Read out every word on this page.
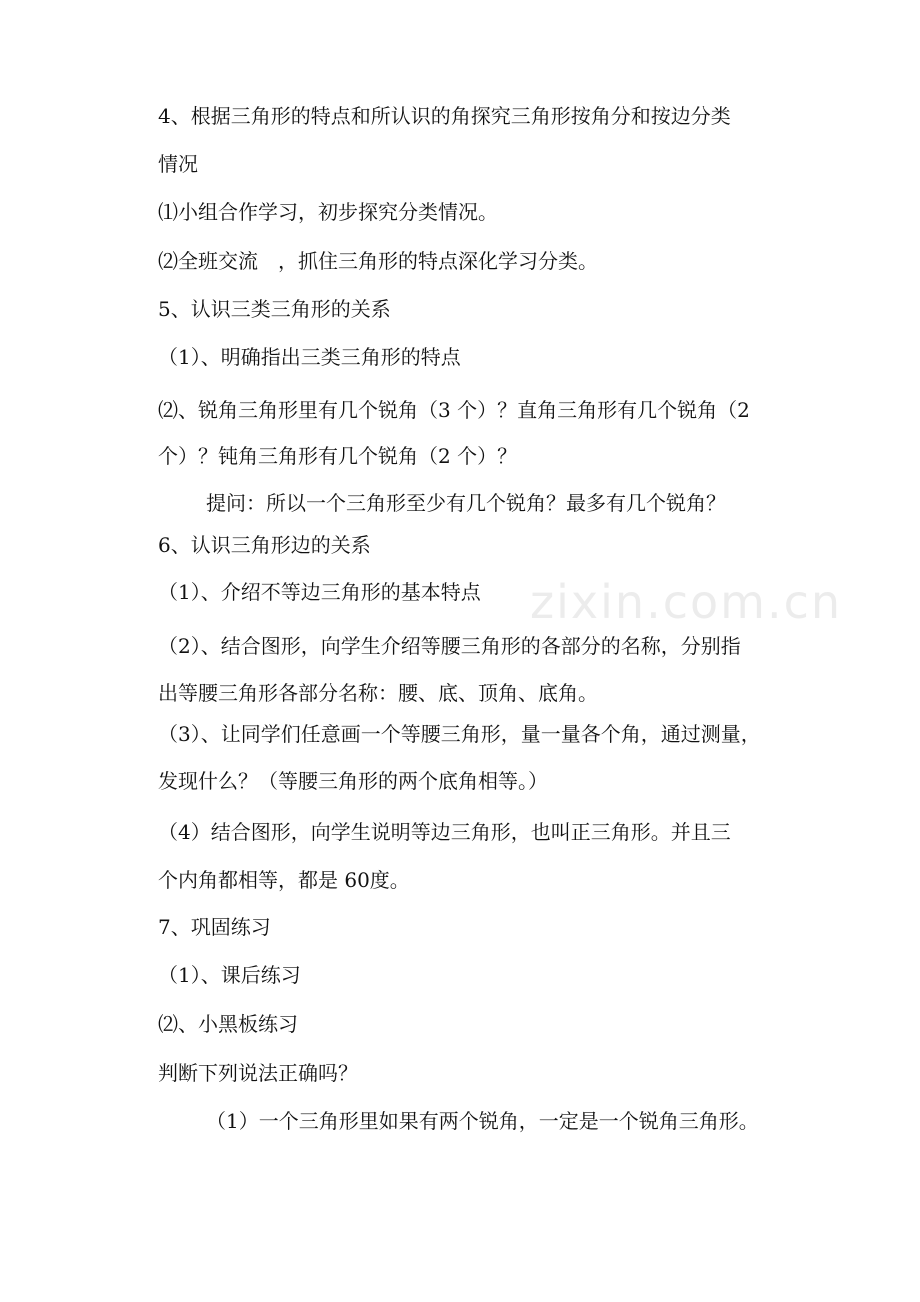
4、根据三角形的特点和所认识的角探究三角形按角分和按边分类
情况
⑴小组合作学习，初步探究分类情况。
⑵全班交流　，抓住三角形的特点深化学习分类。
5、认识三类三角形的关系
（1）、明确指出三类三角形的特点
⑵、锐角三角形里有几个锐角（3 个）？直角三角形有几个锐角（2
个）？钝角三角形有几个锐角（2 个）？
提问：所以一个三角形至少有几个锐角？最多有几个锐角？
6、认识三角形边的关系
（1）、介绍不等边三角形的基本特点
（2）、结合图形，向学生介绍等腰三角形的各部分的名称，分别指
出等腰三角形各部分名称：腰、底、顶角、底角。
（3）、让同学们任意画一个等腰三角形，量一量各个角，通过测量，
发现什么？（等腰三角形的两个底角相等。）
（4）结合图形，向学生说明等边三角形，也叫正三角形。并且三
个内角都相等，都是 60度。
7、巩固练习
（1）、课后练习
⑵、小黑板练习
判断下列说法正确吗？
（1）一个三角形里如果有两个锐角，一定是一个锐角三角形。
zixin.com.cn
